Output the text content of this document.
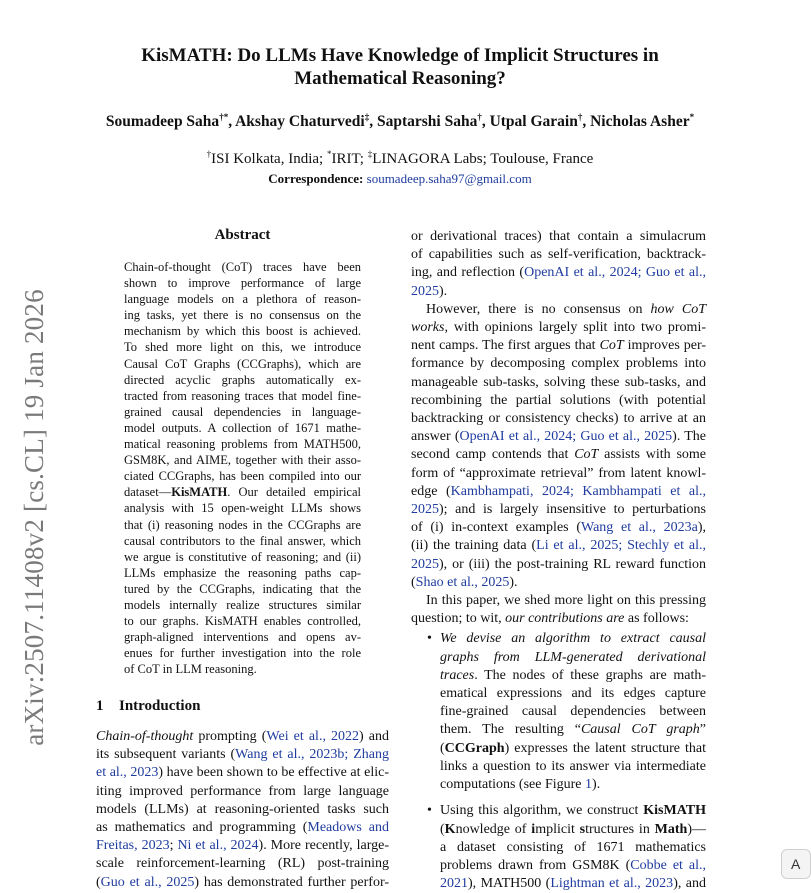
arXiv:2507.11408v2 [cs.CL] 19 Jan 2026
KisMATH: Do LLMs Have Knowledge of Implicit Structures in
Mathematical Reasoning?
Soumadeep Saha†*, Akshay Chaturvedi‡, Saptarshi Saha†, Utpal Garain†, Nicholas Asher*
†ISI Kolkata, India; *IRIT; ‡LINAGORA Labs; Toulouse, France
Correspondence: soumadeep.saha97@gmail.com
Abstract
Chain-of-thought (CoT) traces have been
shown to improve performance of large
language models on a plethora of reason-
ing tasks, yet there is no consensus on the
mechanism by which this boost is achieved.
To shed more light on this, we introduce
Causal CoT Graphs (CCGraphs), which are
directed acyclic graphs automatically ex-
tracted from reasoning traces that model fine-
grained causal dependencies in language-
model outputs. A collection of 1671 mathe-
matical reasoning problems from MATH500,
GSM8K, and AIME, together with their asso-
ciated CCGraphs, has been compiled into our
dataset—KisMATH. Our detailed empirical
analysis with 15 open-weight LLMs shows
that (i) reasoning nodes in the CCGraphs are
causal contributors to the final answer, which
we argue is constitutive of reasoning; and (ii)
LLMs emphasize the reasoning paths cap-
tured by the CCGraphs, indicating that the
models internally realize structures similar
to our graphs. KisMATH enables controlled,
graph-aligned interventions and opens av-
enues for further investigation into the role
of CoT in LLM reasoning.
1 Introduction
Chain-of-thought prompting (Wei et al., 2022) and
its subsequent variants (Wang et al., 2023b; Zhang
et al., 2023) have been shown to be effective at elic-
iting improved performance from large language
models (LLMs) at reasoning-oriented tasks such
as mathematics and programming (Meadows and
Freitas, 2023; Ni et al., 2024). More recently, large-
scale reinforcement-learning (RL) post-training
(Guo et al., 2025) has demonstrated further perfor-
or derivational traces) that contain a simulacrum
of capabilities such as self-verification, backtrack-
ing, and reflection (OpenAI et al., 2024; Guo et al.,
2025).
However, there is no consensus on how CoT
works, with opinions largely split into two promi-
nent camps. The first argues that CoT improves per-
formance by decomposing complex problems into
manageable sub-tasks, solving these sub-tasks, and
recombining the partial solutions (with potential
backtracking or consistency checks) to arrive at an
answer (OpenAI et al., 2024; Guo et al., 2025). The
second camp contends that CoT assists with some
form of “approximate retrieval” from latent knowl-
edge (Kambhampati, 2024; Kambhampati et al.,
2025); and is largely insensitive to perturbations
of (i) in-context examples (Wang et al., 2023a),
(ii) the training data (Li et al., 2025; Stechly et al.,
2025), or (iii) the post-training RL reward function
(Shao et al., 2025).
In this paper, we shed more light on this pressing
question; to wit, our contributions are as follows:
• We devise an algorithm to extract causal
graphs from LLM-generated derivational
traces. The nodes of these graphs are math-
ematical expressions and its edges capture
fine-grained causal dependencies between
them. The resulting “Causal CoT graph”
(CCGraph) expresses the latent structure that
links a question to its answer via intermediate
computations (see Figure 1).
• Using this algorithm, we construct KisMATH
(Knowledge of implicit structures in Math)—
a dataset consisting of 1671 mathematics
problems drawn from GSM8K (Cobbe et al.,
2021), MATH500 (Lightman et al., 2023), and
A
